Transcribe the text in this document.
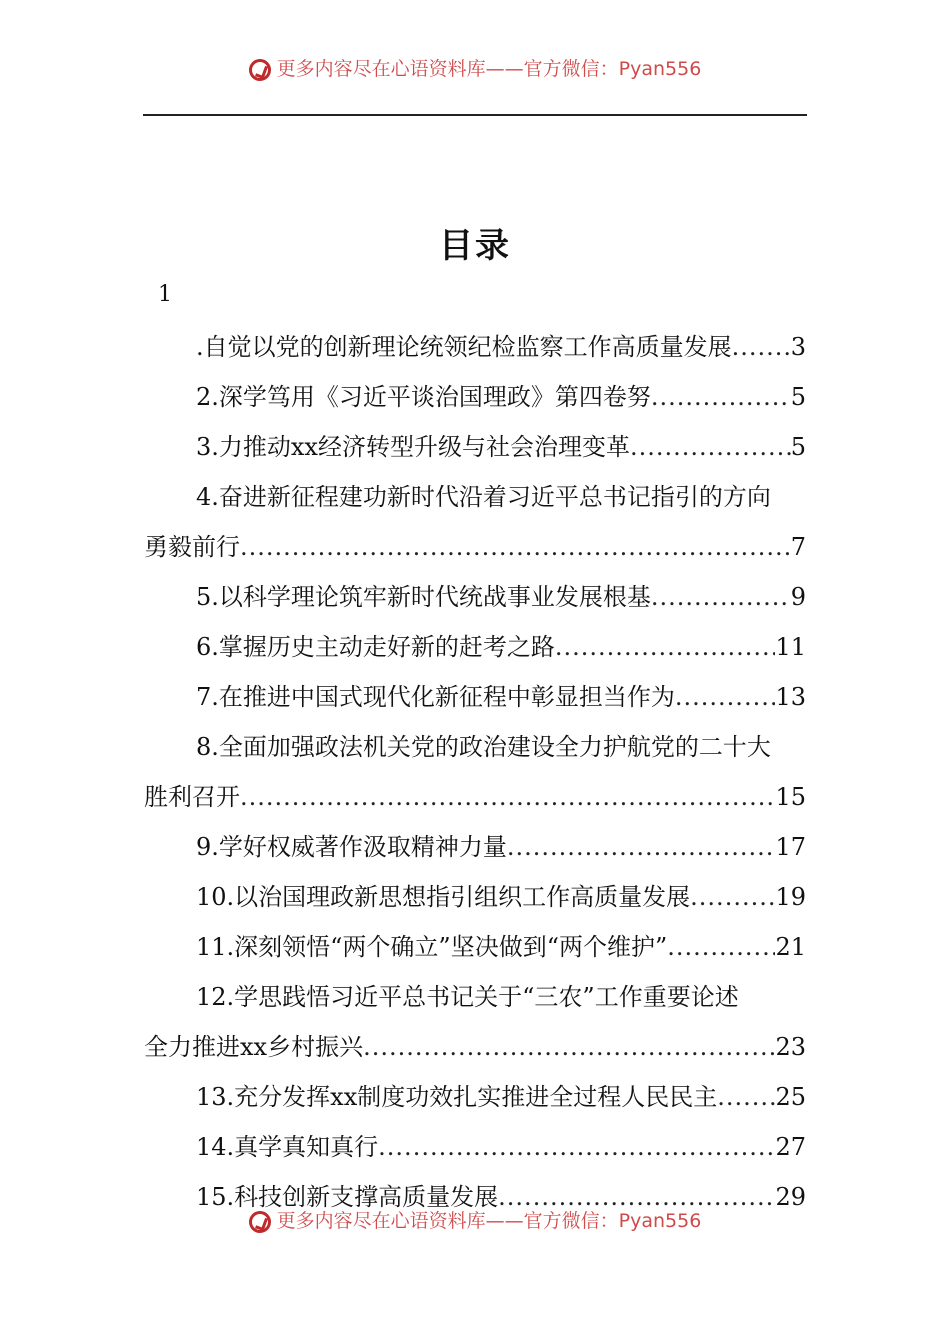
更多内容尽在心语资料库——官方微信：Pyan556
目录
1
.自觉以党的创新理论统领纪检监察工作高质量发展 ..... 3
2.深学笃用《习近平谈治国理政》第四卷努 .....	5
3.力推动xx经济转型升级与社会治理变革 .....	5
4.奋进新征程建功新时代沿着习近平总书记指引的方向
勇毅前行 .....	7
5.以科学理论筑牢新时代统战事业发展根基 .....	9
6.掌握历史主动走好新的赶考之路 .....	11
7.在推进中国式现代化新征程中彰显担当作为 .....	13
8.全面加强政法机关党的政治建设全力护航党的二十大
胜利召开 .....	15
9.学好权威著作汲取精神力量 .....	17
10.以治国理政新思想指引组织工作高质量发展 .....	19
11.深刻领悟“两个确立”坚决做到“两个维护” .....	21
12.学思践悟习近平总书记关于“三农”工作重要论述
全力推进xx乡村振兴 .....	23
13.充分发挥xx制度功效扎实推进全过程人民民主 ..... 25
14.真学真知真行 .....	27
15.科技创新支撑高质量发展 .....	29
更多内容尽在心语资料库——官方微信：Pyan556
